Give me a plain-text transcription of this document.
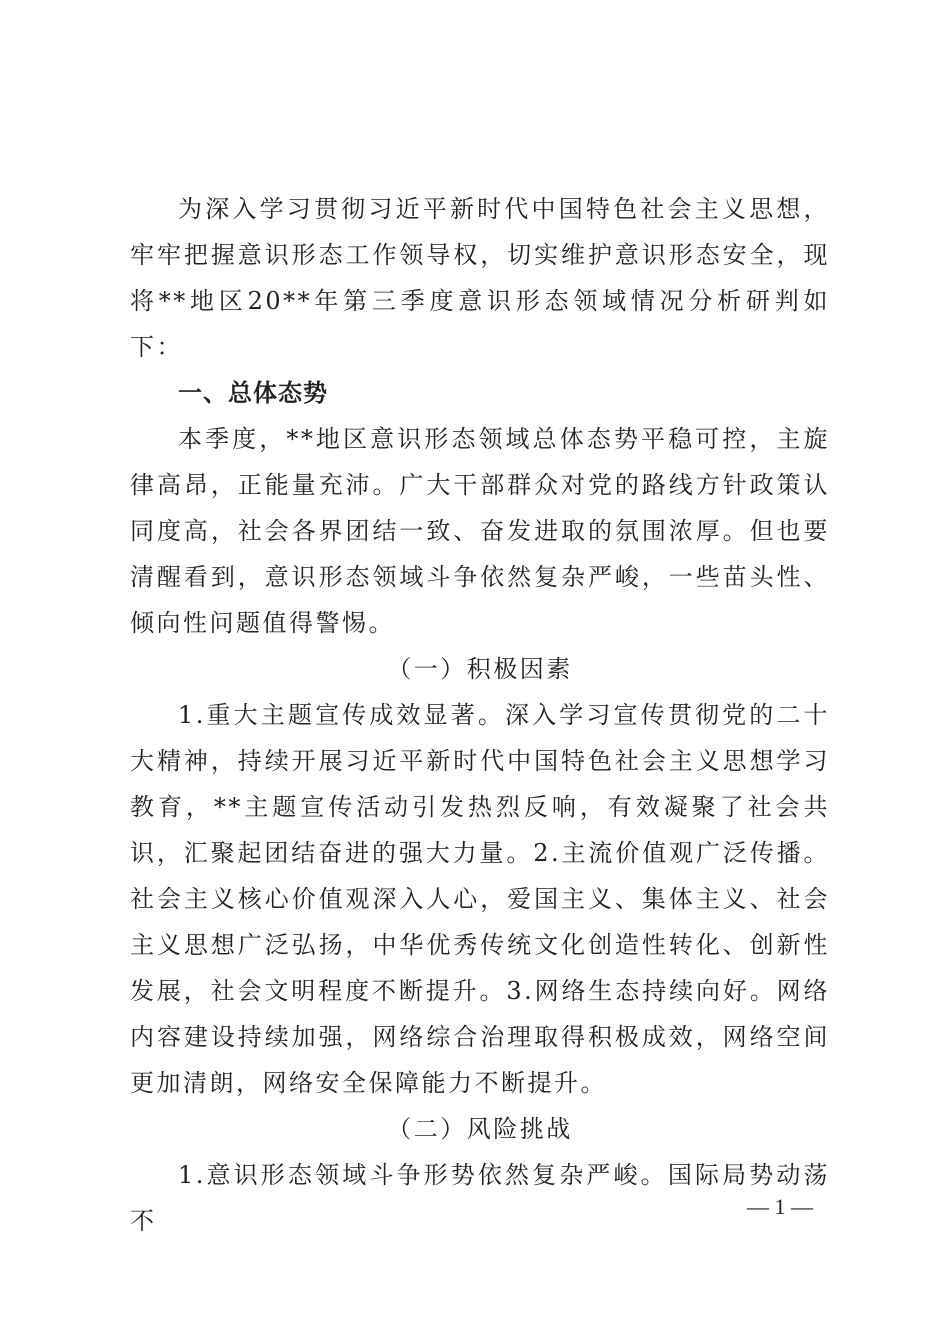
为深入学习贯彻习近平新时代中国特色社会主义思想，牢牢把握意识形态工作领导权，切实维护意识形态安全，现将**地区20**年第三季度意识形态领域情况分析研判如下：

一、总体态势

本季度，**地区意识形态领域总体态势平稳可控，主旋律高昂，正能量充沛。广大干部群众对党的路线方针政策认同度高，社会各界团结一致、奋发进取的氛围浓厚。但也要清醒看到，意识形态领域斗争依然复杂严峻，一些苗头性、倾向性问题值得警惕。

（一）积极因素

1.重大主题宣传成效显著。深入学习宣传贯彻党的二十大精神，持续开展习近平新时代中国特色社会主义思想学习教育，**主题宣传活动引发热烈反响，有效凝聚了社会共识，汇聚起团结奋进的强大力量。2.主流价值观广泛传播。社会主义核心价值观深入人心，爱国主义、集体主义、社会主义思想广泛弘扬，中华优秀传统文化创造性转化、创新性发展，社会文明程度不断提升。3.网络生态持续向好。网络内容建设持续加强，网络综合治理取得积极成效，网络空间更加清朗，网络安全保障能力不断提升。

（二）风险挑战

1.意识形态领域斗争形势依然复杂严峻。国际局势动荡不

— 1 —
